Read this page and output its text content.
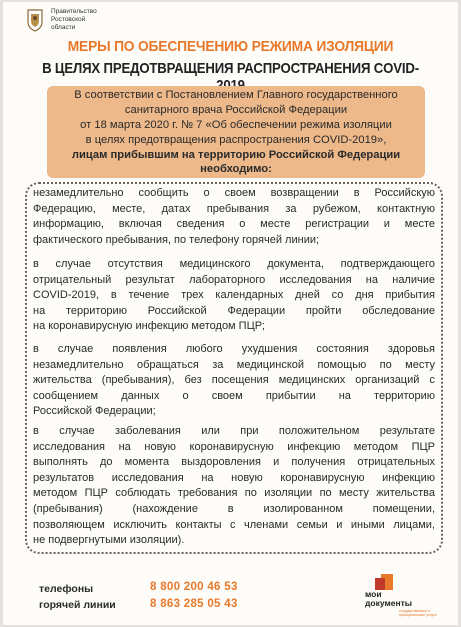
Правительство
Ростовской
области
МЕРЫ ПО ОБЕСПЕЧЕНИЮ РЕЖИМА ИЗОЛЯЦИИ
В ЦЕЛЯХ ПРЕДОТВРАЩЕНИЯ РАСПРОСТРАНЕНИЯ COVID-
В соответствии с Постановлением Главного государственного
санитарного врача Российской Федерации
от 18 марта 2020 г. № 7 «Об обеспечении режима изоляции
в целях предотвращения распространения COVID-2019»,
лицам прибывшим на территорию Российской Федерации
необходимо:
незамедлительно сообщить о своем возвращении в Российскую
Федерацию, месте, датах пребывания за рубежом, контактную
информацию, включая сведения о месте регистрации и месте
фактического пребывания, по телефону горячей линии;
в случае отсутствия медицинского документа, подтверждающего
отрицательный результат лабораторного исследования на наличие
COVID-2019, в течение трех календарных дней со дня прибытия
на территорию Российской Федерации пройти обследование
на коронавирусную инфекцию методом ПЦР;
в случае появления любого ухудшения состояния здоровья
незамедлительно обращаться за медицинской помощью по месту
жительства (пребывания), без посещения медицинских организаций с
сообщением данных о своем прибытии на территорию
Российской Федерации;
в случае заболевания или при положительном результате
исследования на новую коронавирусную инфекцию методом ПЦР
выполнять до момента выздоровления и получения отрицательных
результатов исследования на новую коронавирусную инфекцию
методом ПЦР соблюдать требования по изоляции по месту жительства
(пребывания) (нахождение в изолированном помещении,
позволяющем исключить контакты с членами семьи и иными лицами,
не подвергнутыми изоляции).
телефоны
горячей линии
8 800 200 46 53
8 863 285 05 43
мои
документы
государственные и муниципальные услуги
